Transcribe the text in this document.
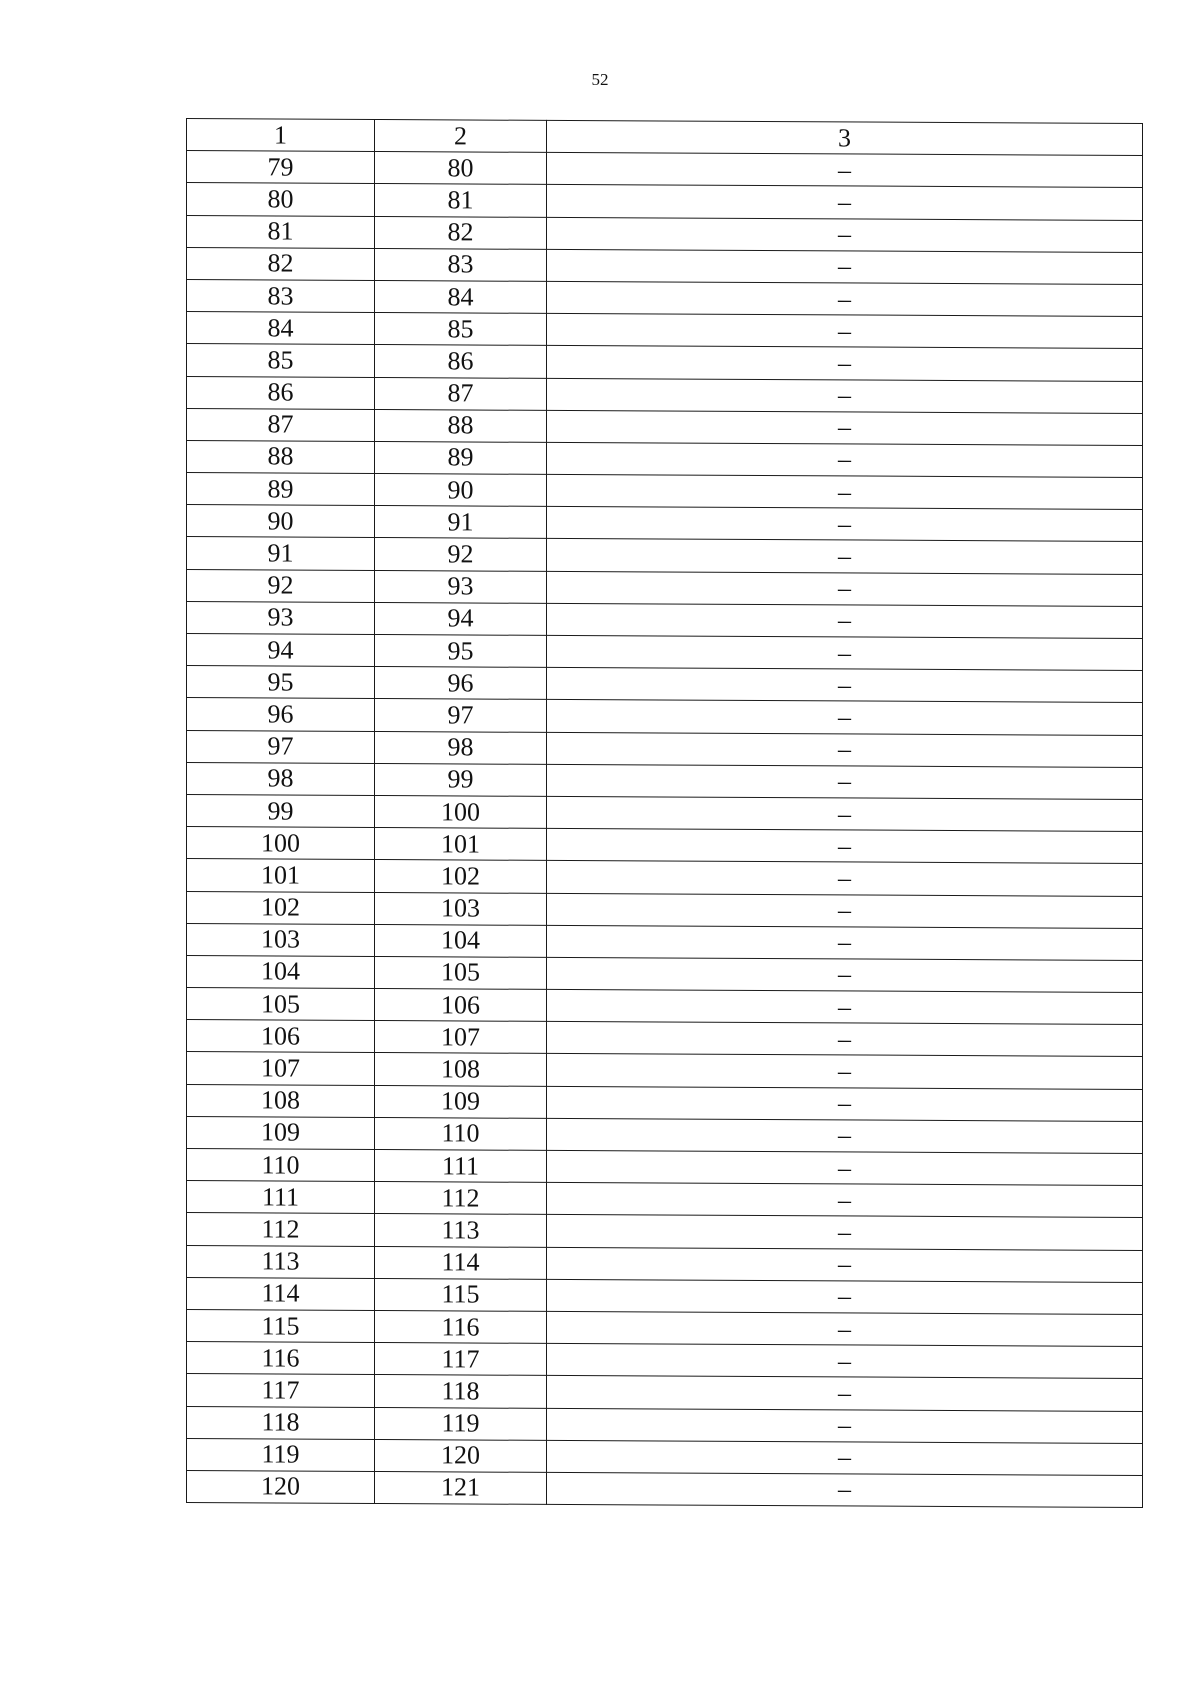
52
1	2	3
79	80	–
80	81	–
81	82	–
82	83	–
83	84	–
84	85	–
85	86	–
86	87	–
87	88	–
88	89	–
89	90	–
90	91	–
91	92	–
92	93	–
93	94	–
94	95	–
95	96	–
96	97	–
97	98	–
98	99	–
99	100	–
100	101	–
101	102	–
102	103	–
103	104	–
104	105	–
105	106	–
106	107	–
107	108	–
108	109	–
109	110	–
110	111	–
111	112	–
112	113	–
113	114	–
114	115	–
115	116	–
116	117	–
117	118	–
118	119	–
119	120	–
120	121	–
